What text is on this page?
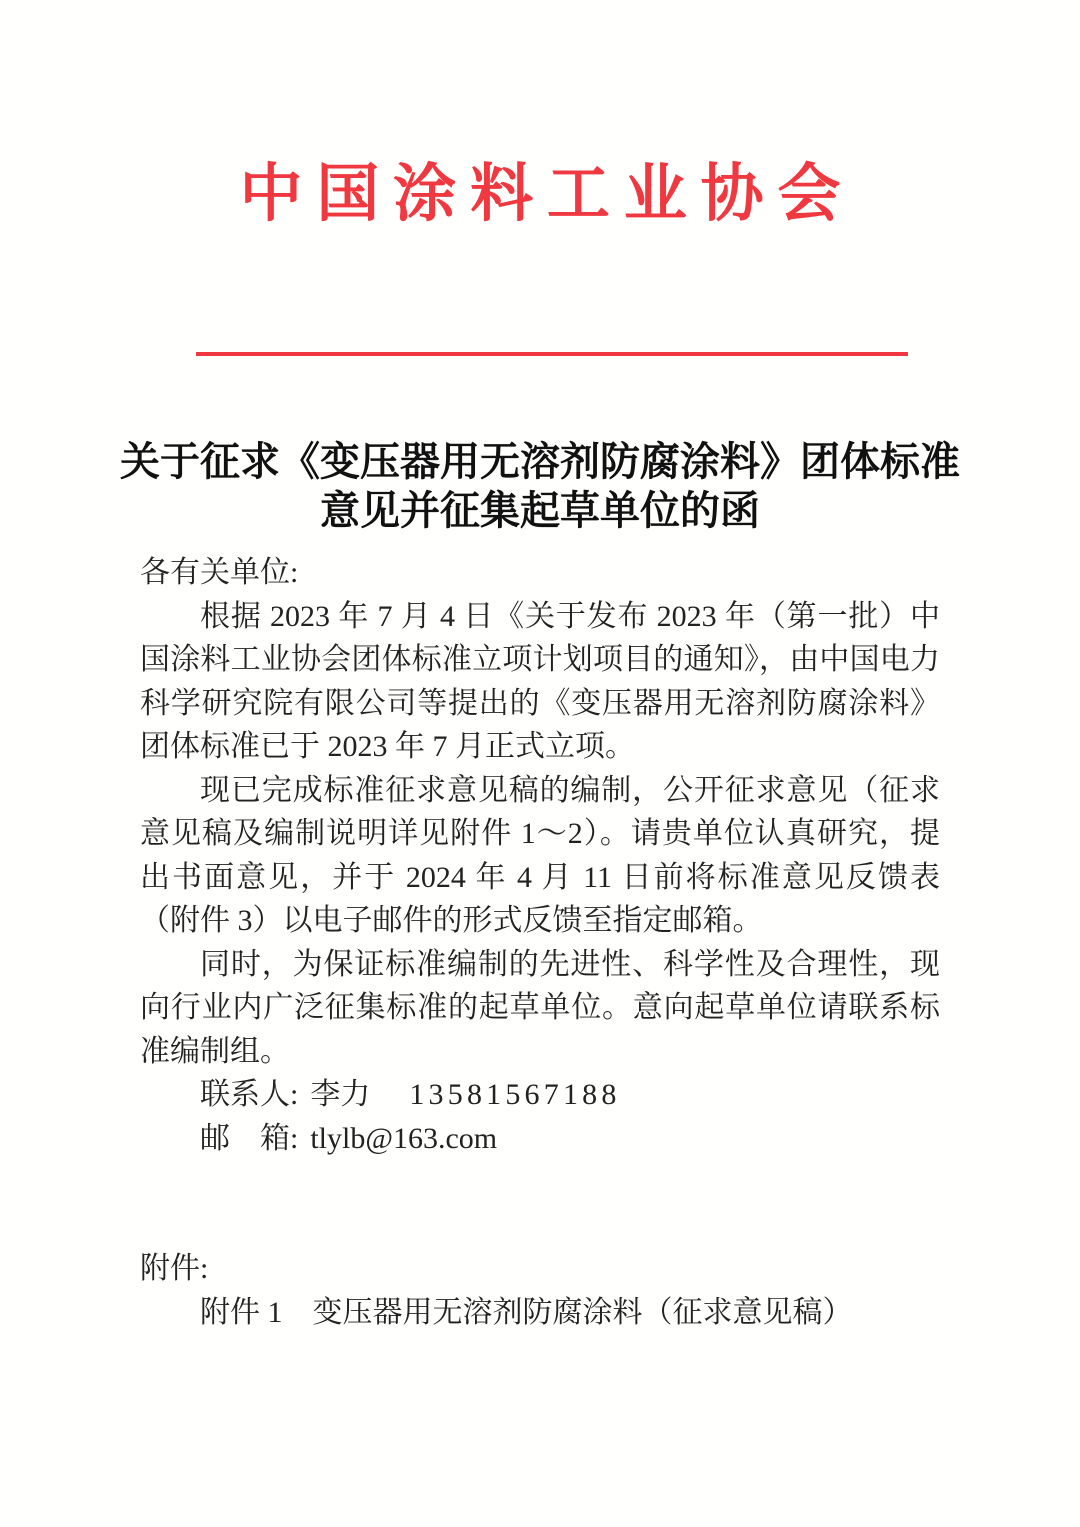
中国涂料工业协会
关于征求《变压器用无溶剂防腐涂料》团体标准
意见并征集起草单位的函

各有关单位:

根据 2023 年 7 月 4 日《关于发布 2023 年（第一批）中国涂料工业协会团体标准立项计划项目的通知》，由中国电力科学研究院有限公司等提出的《变压器用无溶剂防腐涂料》团体标准已于 2023 年 7 月正式立项。

现已完成标准征求意见稿的编制，公开征求意见（征求意见稿及编制说明详见附件 1～2）。请贵单位认真研究，提出书面意见，并于 2024 年 4 月 11 日前将标准意见反馈表（附件 3）以电子邮件的形式反馈至指定邮箱。

同时，为保证标准编制的先进性、科学性及合理性，现向行业内广泛征集标准的起草单位。意向起草单位请联系标准编制组。

联系人: 李力 13581567188

邮　箱: tlylb@163.com

附件:

附件 1　变压器用无溶剂防腐涂料（征求意见稿）
